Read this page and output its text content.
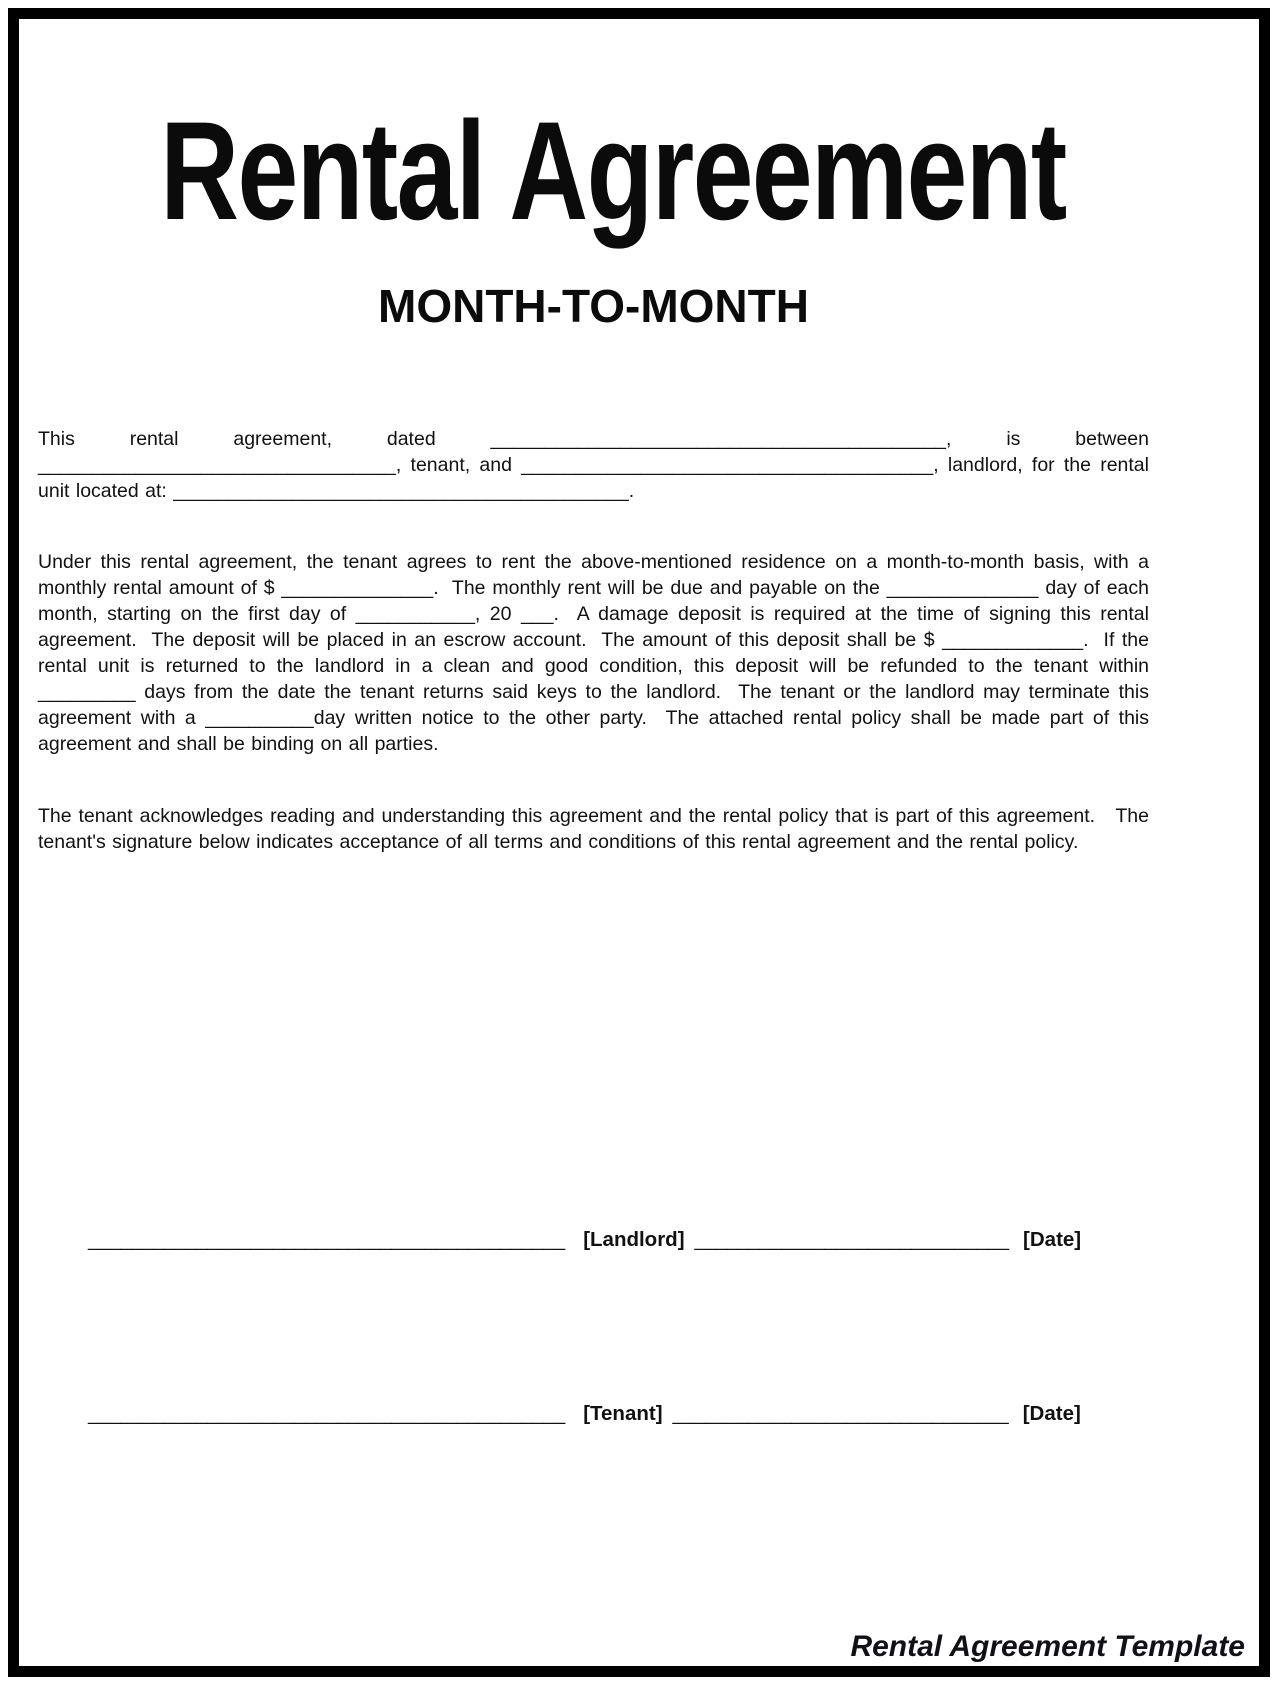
Rental Agreement
MONTH-TO-MONTH

This rental agreement, dated __________________________________________, is between _________________________________, tenant, and ______________________________________, landlord, for the rental unit located at: __________________________________________.

Under this rental agreement, the tenant agrees to rent the above-mentioned residence on a month-to-month basis, with a monthly rental amount of $ ______________.  The monthly rent will be due and payable on the ______________ day of each month, starting on the first day of ___________, 20 ___.  A damage deposit is required at the time of signing this rental agreement.  The deposit will be placed in an escrow account.  The amount of this deposit shall be $ _____________.  If the rental unit is returned to the landlord in a clean and good condition, this deposit will be refunded to the tenant within _________ days from the date the tenant returns said keys to the landlord.  The tenant or the landlord may terminate this agreement with a __________day written notice to the other party.  The attached rental policy shall be made part of this agreement and shall be binding on all parties.

The tenant acknowledges reading and understanding this agreement and the rental policy that is part of this agreement.   The tenant's signature below indicates acceptance of all terms and conditions of this rental agreement and the rental policy.

____________________________________________ [Landlord] _____________________________ [Date]
____________________________________________ [Tenant] _______________________________ [Date]
Rental Agreement Template
